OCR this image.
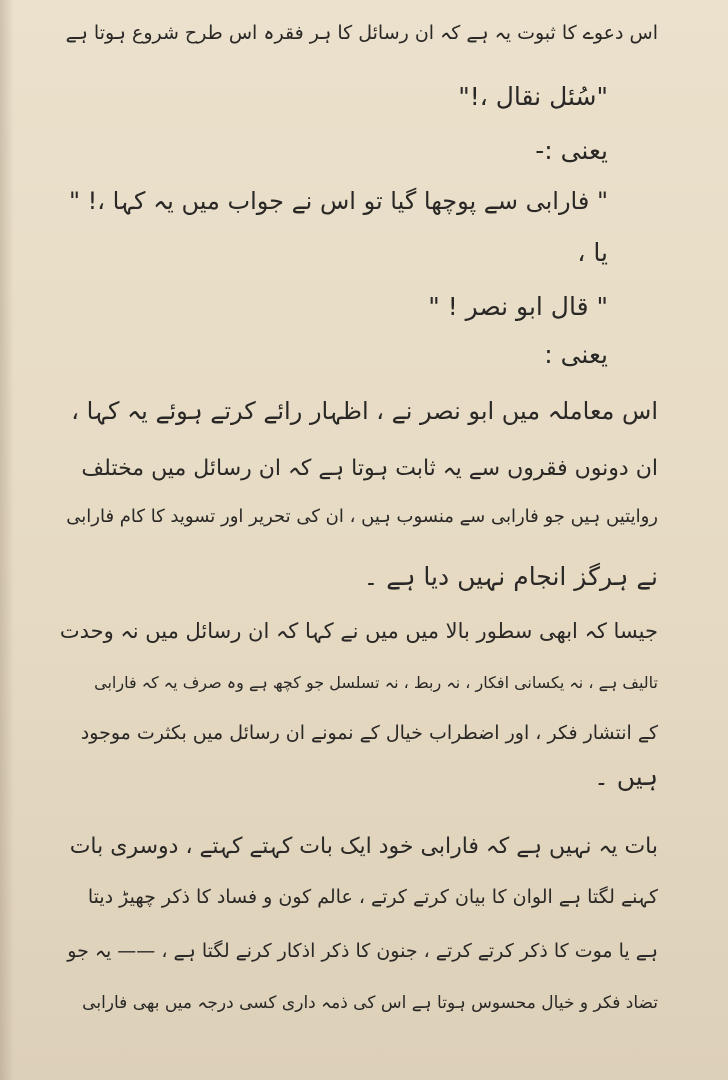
اس دعوے کا ثبوت یہ ہے کہ ان رسائل کا ہر فقرہ اس طرح شروع ہوتا ہے
"سُئل نقال ،!"
یعنی :-
" فارابی سے پوچھا گیا تو اس نے جواب میں یہ کہا ،! "
یا ،
" قال ابو نصر ! "
یعنی :
اس معاملہ میں ابو نصر نے ، اظہار رائے کرتے ہوئے یہ کہا ،
ان دونوں فقروں سے یہ ثابت ہوتا ہے کہ ان رسائل میں مختلف
روایتیں ہیں جو فارابی سے منسوب ہیں ، ان کی تحریر اور تسوید کا کام فارابی
نے ہرگز انجام نہیں دیا ہے ۔
جیسا کہ ابھی سطور بالا میں میں نے کہا کہ ان رسائل میں نہ وحدت
تالیف ہے ، نہ یکسانی افکار ، نہ ربط ، نہ تسلسل جو کچھ ہے وہ صرف یہ کہ فارابی
کے انتشار فکر ، اور اضطراب خیال کے نمونے ان رسائل میں بکثرت موجود
ہیں ۔
بات یہ نہیں ہے کہ فارابی خود ایک بات کہتے کہتے ، دوسری بات
کہنے لگتا ہے الوان کا بیان کرتے کرتے ، عالم کون و فساد کا ذکر چھیڑ دیتا
ہے یا موت کا ذکر کرتے کرتے ، جنون کا ذکر اذکار کرنے لگتا ہے ، —— یہ جو
تضاد فکر و خیال محسوس ہوتا ہے اس کی ذمہ داری کسی درجہ میں بھی فارابی
